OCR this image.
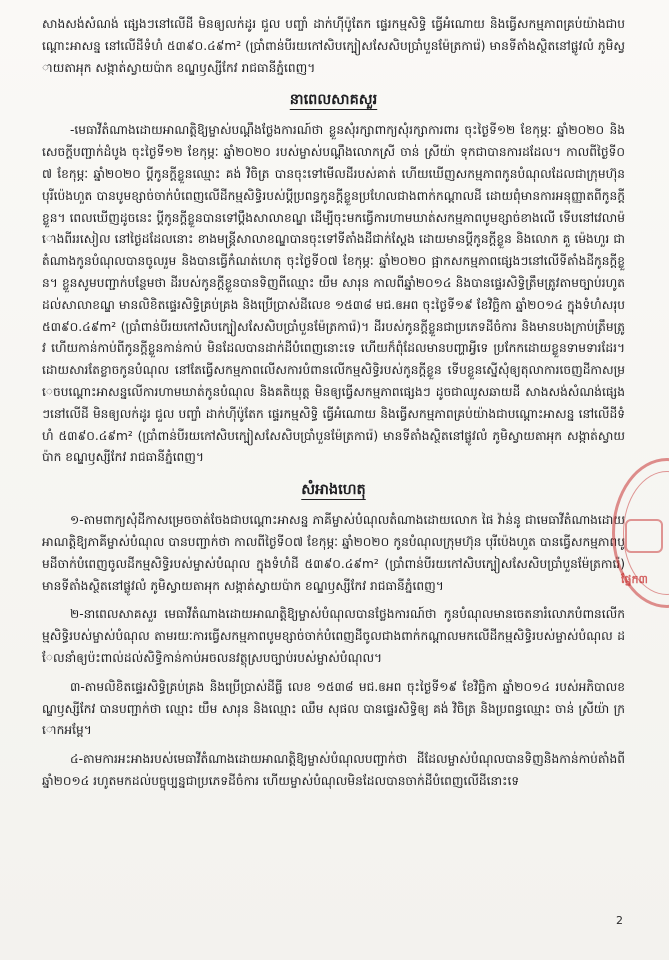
សាងសង់សំណង់ ផ្សេងៗនៅលើដី មិនឲ្យលក់ដូរ ជួល បញ្ចាំ ដាក់ហ៊ីប៉ូតែក ផ្ទេរកម្មសិទ្ធិ ធ្វើអំណោយ និងធ្វើសកម្មភាពគ្រប់យ៉ាងជាបណ្តោះអាសន្ន នៅលើដីទំហំ ៥៣៩០.៤៩m² (ប្រាំពាន់បីរយកៅសិបក្បៀសសែសិបប្រាំបួនម៉ែត្រការ៉េ) មានទីតាំងស្ថិតនៅផ្លូវលំ ភូមិស្វាយតាអុក សង្កាត់ស្វាយប៉ាក ខណ្ឌឫស្សីកែវ រាជធានីភ្នំពេញ។

នាពេលសាគសួរ

-មេធាវីតំណាងដោយអាណត្តិឱ្យម្ចាស់បណ្តឹងថ្លែងការណ៍ថា ខ្លួនសុំរក្សាពាក្យសុំរក្សាការពារ ចុះថ្ងៃទី១២ ខែកុម្ភៈ ឆ្នាំ២០២០ និងសេចក្តីបញ្ជាក់ដំបូង ចុះថ្ងៃទី១២ ខែកុម្ភៈ ឆ្នាំ២០២០ របស់ម្ចាស់បណ្តឹងលោកស្រី ចាន់ ស្រីយ៉ា ទុកជាបានការដដែល។ កាលពីថ្ងៃទី០៧ ខែកុម្ភៈ ឆ្នាំ២០២០ ប្តីកូនក្តីខ្លួនឈ្មោះ គង់ វិចិត្រ បានចុះទៅមើលដីរបស់គាត់ ហើយឃើញសកម្មភាពកូនបំណុលដែលជាក្រុមហ៊ុន បុរីប៉េងហួត បានបូមខ្សាច់ចាក់បំពេញលើដីកម្មសិទ្ធិរបស់ប្តីប្រពន្ធកូនក្តីខ្លួនប្រហែលជាងពាក់កណ្តាលដី ដោយពុំមានការអនុញ្ញាតពីកូនក្តីខ្លួន។ ពេលឃើញដូចនេះ ប្តីកូនក្តីខ្លួនបានទៅប្តឹងសាលាខណ្ឌ ដើម្បីចុះមកធ្វើការហាមឃាត់សកម្មភាពបូមខ្សាច់ខាងលើ ទើបនៅវេលាម៉ោងពីររសៀល នៅថ្ងៃដដែលនោះ ខាងមន្ត្រីសាលាខណ្ឌបានចុះទៅទីតាំងដីជាក់ស្តែង ដោយមានប្តីកូនក្តីខ្លួន និងលោក គួ ម៉េងហួរ ជាតំណាងកូនបំណុលបានចូលរួម និងបានធ្វើកំណត់ហេតុ ចុះថ្ងៃទី០៧ ខែកុម្ភៈ ឆ្នាំ២០២០ ផ្អាកសកម្មភាពផ្សេងៗនៅលើទីតាំងដីកូនក្តីខ្លួន។ ខ្លួនសូមបញ្ជាក់បន្ថែមថា ដីរបស់កូនក្តីខ្លួនបានទិញពីឈ្មោះ យឹម សារុន កាលពីឆ្នាំ២០១៤ និងបានផ្ទេរសិទ្ធិត្រឹមត្រូវតាមច្បាប់រហូតដល់សាលាខណ្ឌ មានលិខិតផ្ទេរសិទ្ធិគ្រប់គ្រង និងប្រើប្រាស់ដីលេខ ១៥៣៨ មជ.ឲអព ចុះថ្ងៃទី១៩ ខែវិច្ឆិកា ឆ្នាំ២០១៤ ក្នុងទំហំសរុប ៥៣៩០.៤៩m² (ប្រាំពាន់បីរយកៅសិបក្បៀសសែសិបប្រាំបួនម៉ែត្រការ៉េ)។ ដីរបស់កូនក្តីខ្លួនជាប្រភេទដីចំការ និងមានបងក្រាប់ត្រឹមត្រូវ ហើយកាន់កាប់ពីកូនក្តីខ្លួនកាន់កាប់ មិនដែលបានដាក់ដីបំពេញនោះទេ ហើយក៏ពុំដែលមានបញ្ហាអ្វីទេ ប្រកែកដោយខ្លួនទាមទារដែរ។ ដោយសារតែខ្លាចកូនបំណុល នៅតែធ្វើសកម្មភាពលើសការបំពានលើកម្មសិទ្ធិរបស់កូនក្តីខ្លួន ទើបខ្លួនស្នើសុំឲ្យតុលាការចេញដីកាសម្រេចបណ្តោះអាសន្នលើការហាមឃាត់កូនបំណុល និងគតិយុត្ត មិនឲ្យធ្វើសកម្មភាពផ្សេងៗ ដូចជាឈូសឆាយដី សាងសង់សំណង់ផ្សេងៗនៅលើដី មិនឲ្យលក់ដូរ ជួល បញ្ចាំ ដាក់ហ៊ីប៉ូតែក ផ្ទេរកម្មសិទ្ធិ ធ្វើអំណោយ និងធ្វើសកម្មភាពគ្រប់យ៉ាងជាបណ្តោះអាសន្ន នៅលើដីទំហំ ៥៣៩០.៤៩m² (ប្រាំពាន់បីរយកៅសិបក្បៀសសែសិបប្រាំបួនម៉ែត្រការ៉េ) មានទីតាំងស្ថិតនៅផ្លូវលំ ភូមិស្វាយតាអុក សង្កាត់ស្វាយប៉ាក ខណ្ឌឫស្សីកែវ រាជធានីភ្នំពេញ។

សំអាងហេតុ

១-តាមពាក្យសុំដីកាសម្រេចចាត់ចែងជាបណ្តោះអាសន្ន ភាគីម្ចាស់បំណុលតំណាងដោយលោក ផៃ វ៉ាន់នូ ជាមេធាវីតំណាងដោយអាណត្តិឱ្យភាគីម្ចាស់បំណុល បានបញ្ជាក់ថា កាលពីថ្ងៃទី០៧ ខែកុម្ភៈ ឆ្នាំ២០២០ កូនបំណុលក្រុមហ៊ុន បុរីប៉េងហួត បានធ្វើសកម្មភាពបូមដីចាក់បំពេញចូលដីកម្មសិទ្ធិរបស់ម្ចាស់បំណុល ក្នុងទំហំដី ៥៣៩០.៤៩m² (ប្រាំពាន់បីរយកៅសិបក្បៀសសែសិបប្រាំបួនម៉ែត្រការ៉េ) មានទីតាំងស្ថិតនៅផ្លូវលំ ភូមិស្វាយតាអុក សង្កាត់ស្វាយប៉ាក ខណ្ឌឫស្សីកែវ រាជធានីភ្នំពេញ។

២-នាពេលសាគសួរ មេធាវីតំណាងដោយអាណត្តិឱ្យម្ចាស់បំណុលបានថ្លែងការណ៍ថា កូនបំណុលមានចេតនារំលោភបំពានលើកម្មសិទ្ធិរបស់ម្ចាស់បំណុល តាមរយៈការធ្វើសកម្មភាពបូមខ្សាច់ចាក់បំពេញដីចូលជាងពាក់កណ្តាលមកលើដីកម្មសិទ្ធិរបស់ម្ចាស់បំណុល ដែលនាំឲ្យប៉ះពាល់ដល់សិទ្ធិកាន់កាប់អចលនវត្ថុស្របច្បាប់របស់ម្ចាស់បំណុល។

៣-តាមលិខិតផ្ទេរសិទ្ធិគ្រប់គ្រង និងប្រើប្រាស់ដីធ្លី លេខ ១៥៣៨ មជ.ឲអព ចុះថ្ងៃទី១៩ ខែវិច្ឆិកា ឆ្នាំ២០១៤ របស់អភិបាលខណ្ឌឫស្សីកែវ បានបញ្ជាក់ថា ឈ្មោះ យឹម សារុន និងឈ្មោះ ឈឹម សុផល បានផ្ទេរសិទ្ធិឲ្យ គង់ វិចិត្រ និងប្រពន្ធឈ្មោះ ចាន់ ស្រីយ៉ា ក្រោកអម្ពែ។

៤-តាមការអះអាងរបស់មេធាវីតំណាងដោយអាណត្តិឱ្យម្ចាស់បំណុលបញ្ជាក់ថា ដីដែលម្ចាស់បំណុលបានទិញនិងកាន់កាប់តាំងពីឆ្នាំ២០១៤ រហូតមកដល់បច្ចុប្បន្នជាប្រភេទដីចំការ ហើយម្ចាស់បំណុលមិនដែលបានចាក់ដីបំពេញលើដីនោះទេ

ផ្នែក៣
2
